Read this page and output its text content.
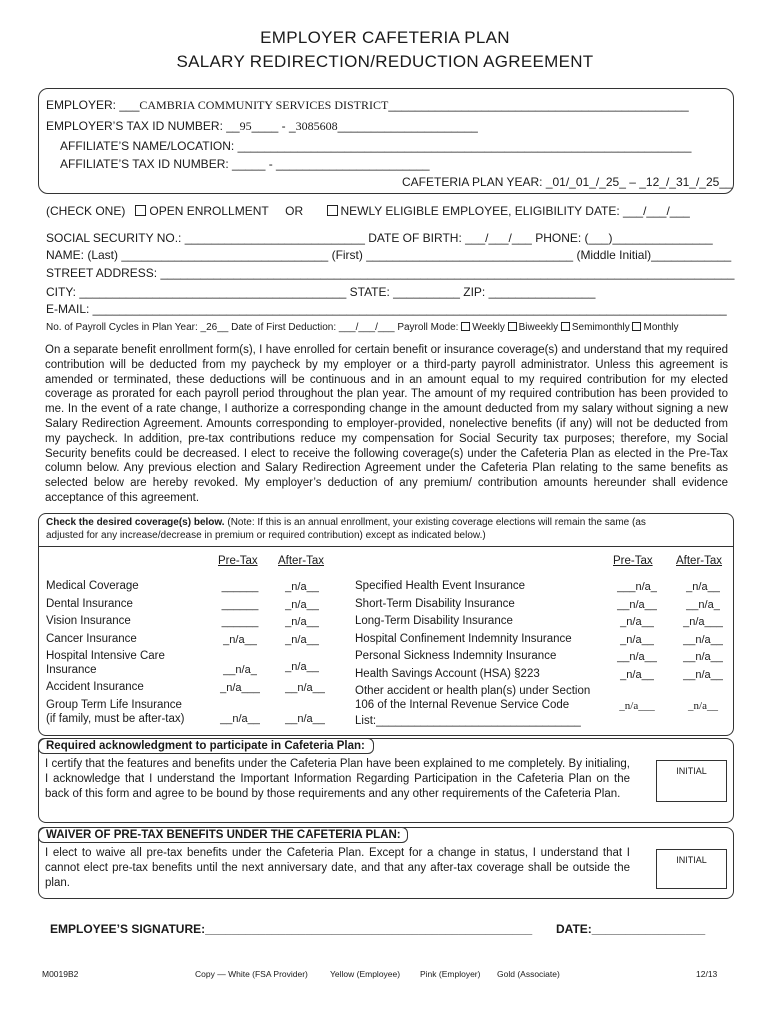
EMPLOYER CAFETERIA PLAN
SALARY REDIRECTION/REDUCTION AGREEMENT
EMPLOYER: ___CAMBRIA COMMUNITY SERVICES DISTRICT_____________________________________________
EMPLOYER’S TAX ID NUMBER: __95____ - _3085608_____________________
AFFILIATE’S NAME/LOCATION: ____________________________________________________________________
AFFILIATE’S TAX ID NUMBER: _____ - _______________________
CAFETERIA PLAN YEAR: _01/_01_/_25_ – _12_/_31_/_25__
(CHECK ONE) OPEN ENROLLMENT OR	NEWLY ELIGIBLE EMPLOYEE, ELIGIBILITY DATE: ___/___/___
SOCIAL SECURITY NO.: ___________________________ DATE OF BIRTH: ___/___/___ PHONE: (___)_______________
NAME: (Last) _______________________________ (First) _______________________________ (Middle Initial)____________
STREET ADDRESS: ______________________________________________________________________________________
CITY: ________________________________________ STATE: __________ ZIP: ________________
E-MAIL: _______________________________________________________________________________________________
No. of Payroll Cycles in Plan Year: _26__ Date of First Deduction: ___/___/___ Payroll Mode: Weekly Biweekly Semimonthly Monthly
On a separate benefit enrollment form(s), I have enrolled for certain benefit or insurance coverage(s) and understand that my required contribution will be deducted from my paycheck by my employer or a third-party payroll administrator. Unless this agreement is amended or terminated, these deductions will be continuous and in an amount equal to my required contribution for my elected coverage as prorated for each payroll period throughout the plan year. The amount of my required contribution has been provided to me. In the event of a rate change, I authorize a corresponding change in the amount deducted from my salary without signing a new Salary Redirection Agreement. Amounts corresponding to employer-provided, nonelective benefits (if any) will not be deducted from my paycheck. In addition, pre-tax contributions reduce my compensation for Social Security tax purposes; therefore, my Social Security benefits could be decreased. I elect to receive the following coverage(s) under the Cafeteria Plan as elected in the Pre-Tax column below. Any previous election and Salary Redirection Agreement under the Cafeteria Plan relating to the same benefits as selected below are hereby revoked. My employer’s deduction of any premium/ contribution amounts hereunder shall evidence acceptance of this agreement.
Check the desired coverage(s) below. (Note: If this is an annual enrollment, your existing coverage elections will remain the same (as
adjusted for any increase/decrease in premium or required contribution) except as indicated below.)
Pre-Tax After-Tax	Pre-Tax After-Tax
Medical Coverage	______	_n/a__
Dental Insurance	______	_n/a__
Vision Insurance	______	_n/a__
Cancer Insurance	_n/a__	_n/a__
Hospital Intensive Care
Insurance	__n/a_	_n/a__
Accident Insurance	_n/a___	__n/a__
Group Term Life Insurance
(if family, must be after-tax)	__n/a__	__n/a__
Specified Health Event Insurance	___n/a_	_n/a__
Short-Term Disability Insurance	__n/a__	__n/a_
Long-Term Disability Insurance	_n/a__	_n/a___
Hospital Confinement Indemnity Insurance	_n/a__	__n/a__
Personal Sickness Indemnity Insurance	__n/a__	__n/a__
Health Savings Account (HSA) §223	_n/a__	__n/a__
Other accident or health plan(s) under Section
106 of the Internal Revenue Service Code
List:________________________________
_n/a___	_n/a__
Required acknowledgment to participate in Cafeteria Plan:
I certify that the features and benefits under the Cafeteria Plan have been explained to me completely. By initialing, I acknowledge that I understand the Important Information Regarding Participation in the Cafeteria Plan on the back of this form and agree to be bound by those requirements and any other requirements of the Cafeteria Plan.
INITIAL
WAIVER OF PRE-TAX BENEFITS UNDER THE CAFETERIA PLAN:
I elect to waive all pre-tax benefits under the Cafeteria Plan. Except for a change in status, I understand that I cannot elect pre-tax benefits until the next anniversary date, and that any after-tax coverage shall be outside the plan.
INITIAL
EMPLOYEE’S SIGNATURE:_________________________________________________ DATE:_________________
M0019B2	Copy — White (FSA Provider)	Yellow (Employee) Pink (Employer) Gold (Associate)	12/13
